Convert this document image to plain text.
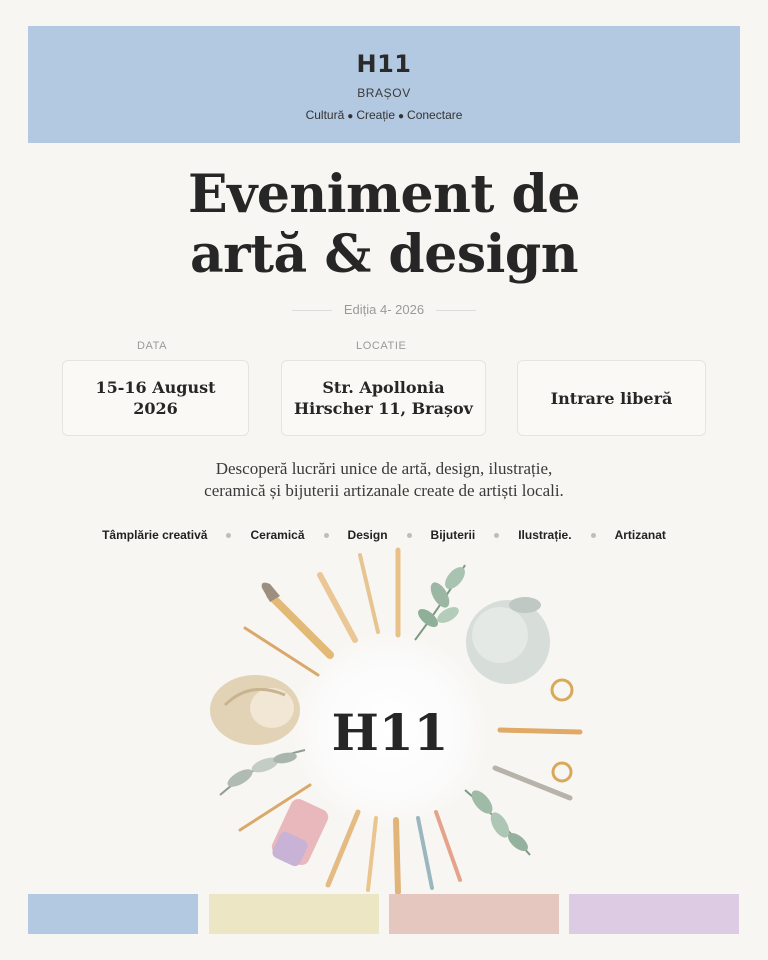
H11
BRAȘOV
Cultură ● Creație ● Conectare
Eveniment de
artă & design
Ediția 4- 2026
DATA	LOCATIE
15-16 August
2026
Str. Apollonia
Hirscher 11, Brașov
Intrare liberă
Descoperă lucrări unice de artă, design, ilustrație,
ceramică și bijuterii artizanale create de artiști locali.
Tâmplărie creativă	Ceramică	Design	Bijuterii	Ilustrație.	Artizanat
H11
